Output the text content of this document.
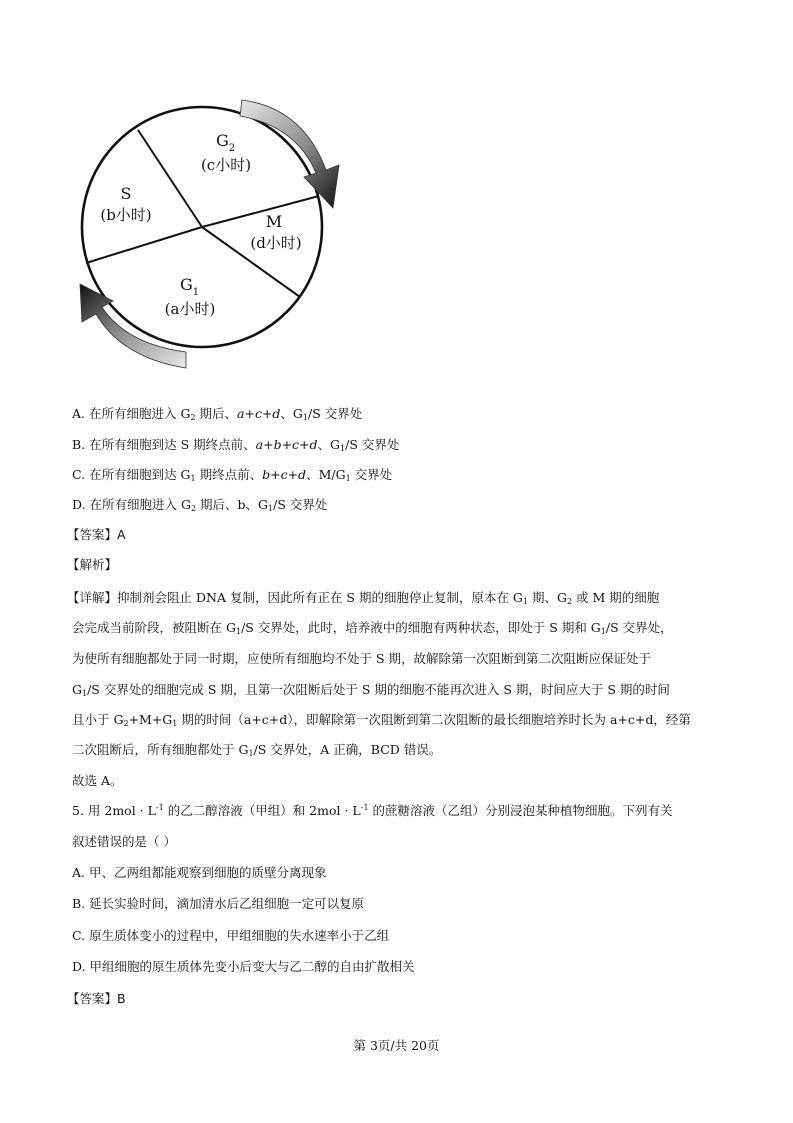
$G_2$
(c小时)
S
(b小时)	M
(d小时)
$G_1$
(a小时)
A. 在所有细胞进入 $G_2$ 期后、a+c+d、$G_1/S$ 交界处
B. 在所有细胞到达 S 期终点前、a+b+c+d、$G_1/S$ 交界处
C. 在所有细胞到达 $G_1$ 期终点前、b+c+d、$M/G_1$ 交界处
D. 在所有细胞进入 $G_2$ 期后、b、$G_1/S$ 交界处
【答案】A
【解析】
【详解】抑制剂会阻止 DNA 复制，因此所有正在 S 期的细胞停止复制，原本在 $G_1$ 期、$G_2$ 或 M 期的细胞
会完成当前阶段，被阻断在 $G_1/S$ 交界处，此时，培养液中的细胞有两种状态，即处于 S 期和 $G_1/S$ 交界处，
为使所有细胞都处于同一时期，应使所有细胞均不处于 S 期，故解除第一次阻断到第二次阻断应保证处于
$G_1/S$ 交界处的细胞完成 S 期，且第一次阻断后处于 S 期的细胞不能再次进入 S 期，时间应大于 S 期的时间
且小于 $G_2+M+G_1$ 期的时间（a+c+d），即解除第一次阻断到第二次阻断的最长细胞培养时长为 a+c+d，经第
二次阻断后，所有细胞都处于 $G_1/S$ 交界处，A 正确，BCD 错误。
故选 A。
5. 用 $2mol \cdot L^{-1}$ 的乙二醇溶液（甲组）和 $2mol \cdot L^{-1}$ 的蔗糖溶液（乙组）分别浸泡某种植物细胞。下列有关
叙述错误的是（ ）
A. 甲、乙两组都能观察到细胞的质壁分离现象
B. 延长实验时间，滴加清水后乙组细胞一定可以复原
C. 原生质体变小的过程中，甲组细胞的失水速率小于乙组
D. 甲组细胞的原生质体先变小后变大与乙二醇的自由扩散相关
【答案】B
第 3页/共 20页
